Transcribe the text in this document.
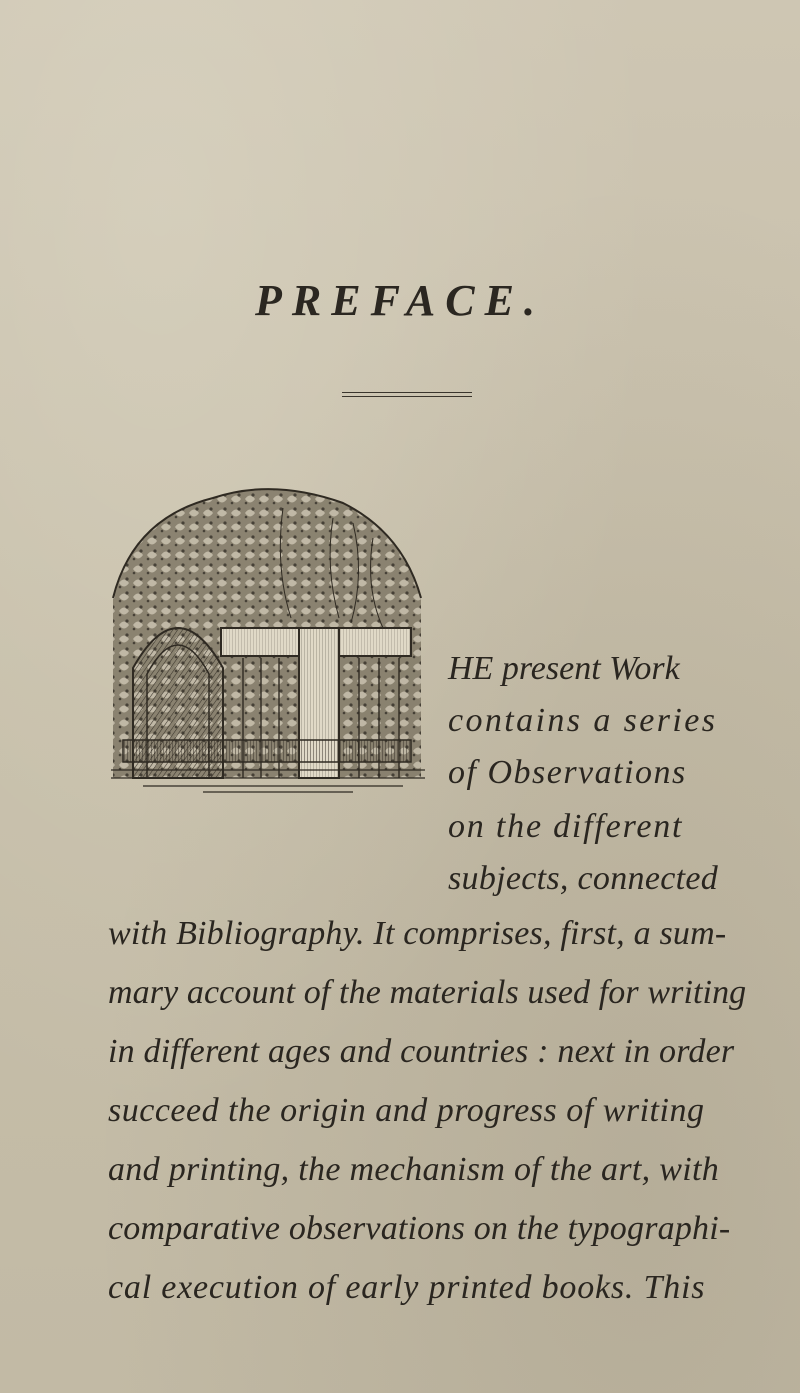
PREFACE.

HE present Work

contains a series

of Observations

on the different

subjects, connected

with Bibliography. It comprises, first, a sum-

mary account of the materials used for writing

in different ages and countries : next in order

succeed the origin and progress of writing

and printing, the mechanism of the art, with

comparative observations on the typographi-

cal execution of early printed books. This
